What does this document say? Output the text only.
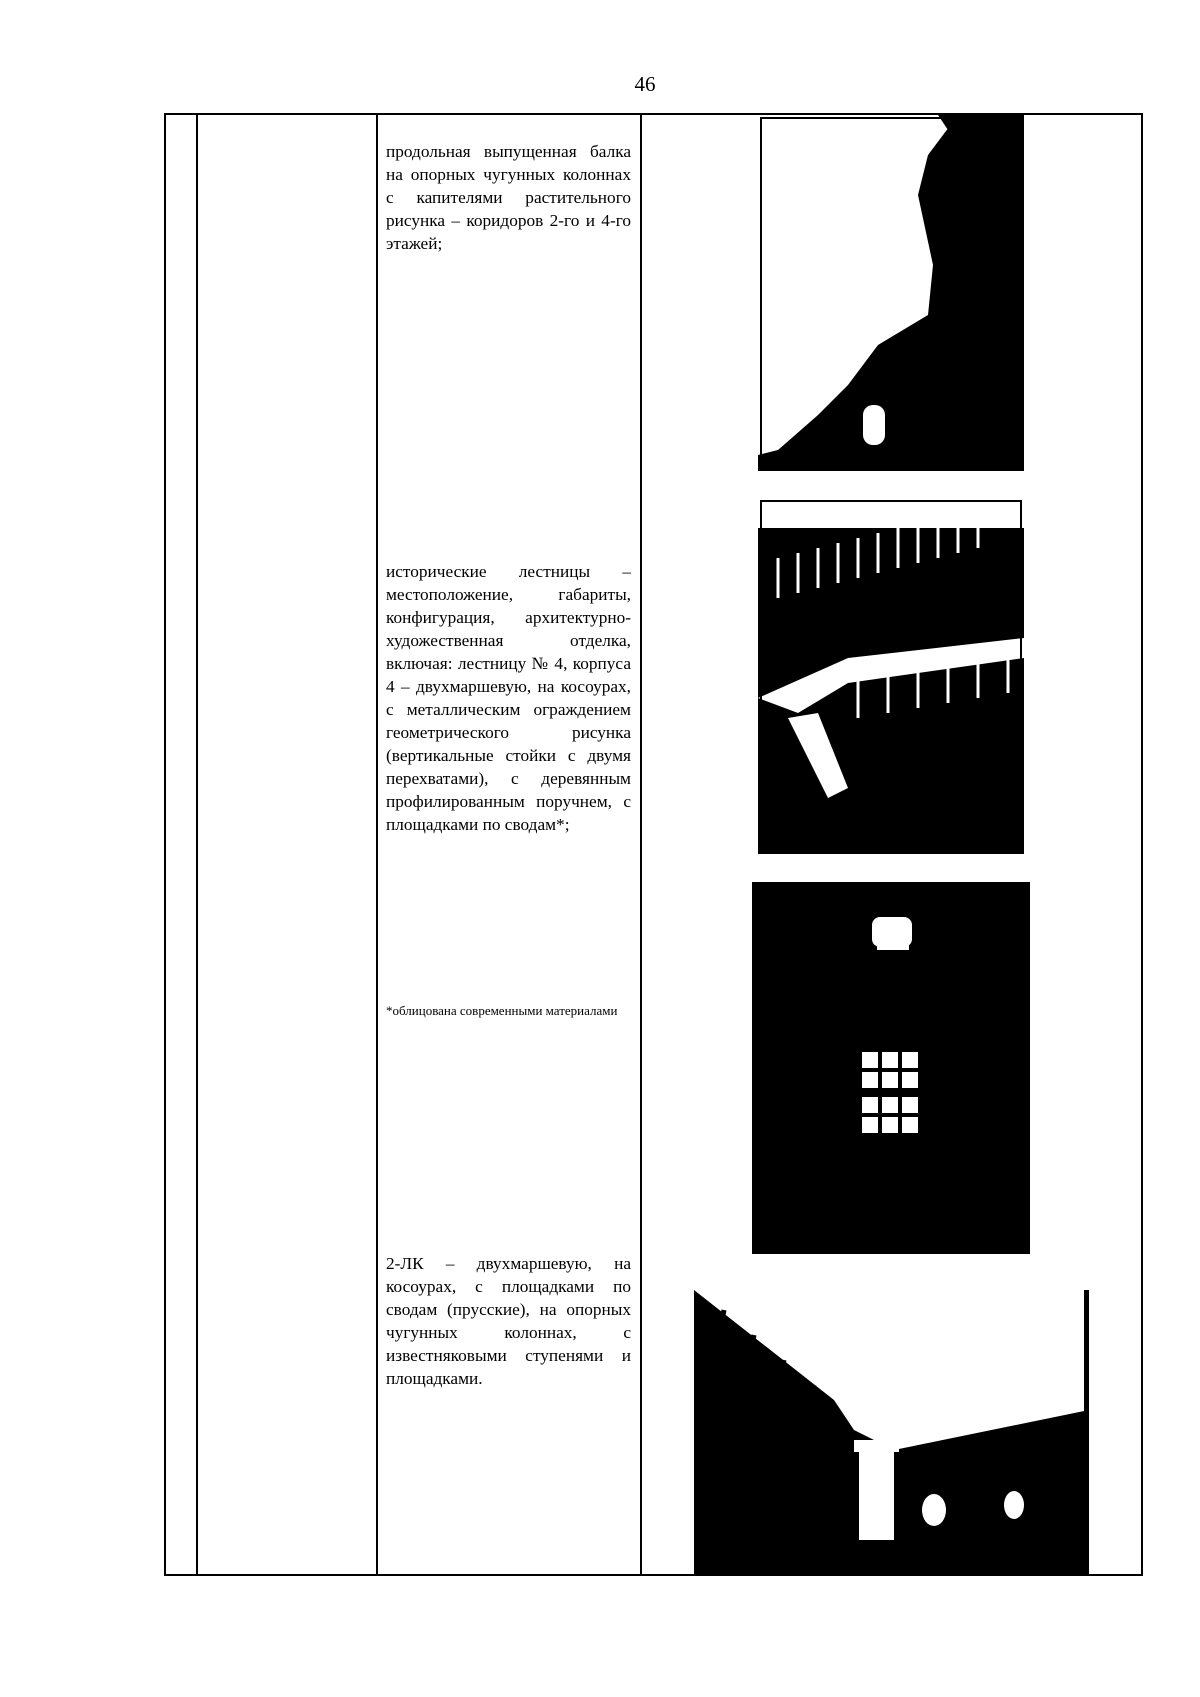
46
продольная выпущенная балка на опорных чугунных колоннах с капителями растительного рисунка – коридоров 2-го и 4-го этажей;
исторические лестницы – местоположение, габариты, конфигурация, архитектурно-художественная отделка, включая: лестницу № 4, корпуса 4 – двухмаршевую, на косоурах, с металлическим ограждением геометрического рисунка (вертикальные стойки с двумя перехватами), с деревянным профилированным поручнем, с площадками по сводам*;
*облицована современными материалами
2-ЛК – двухмаршевую, на косоурах, с площадками по сводам (прусские), на опорных чугунных колоннах, с известняковыми ступенями и площадками.
